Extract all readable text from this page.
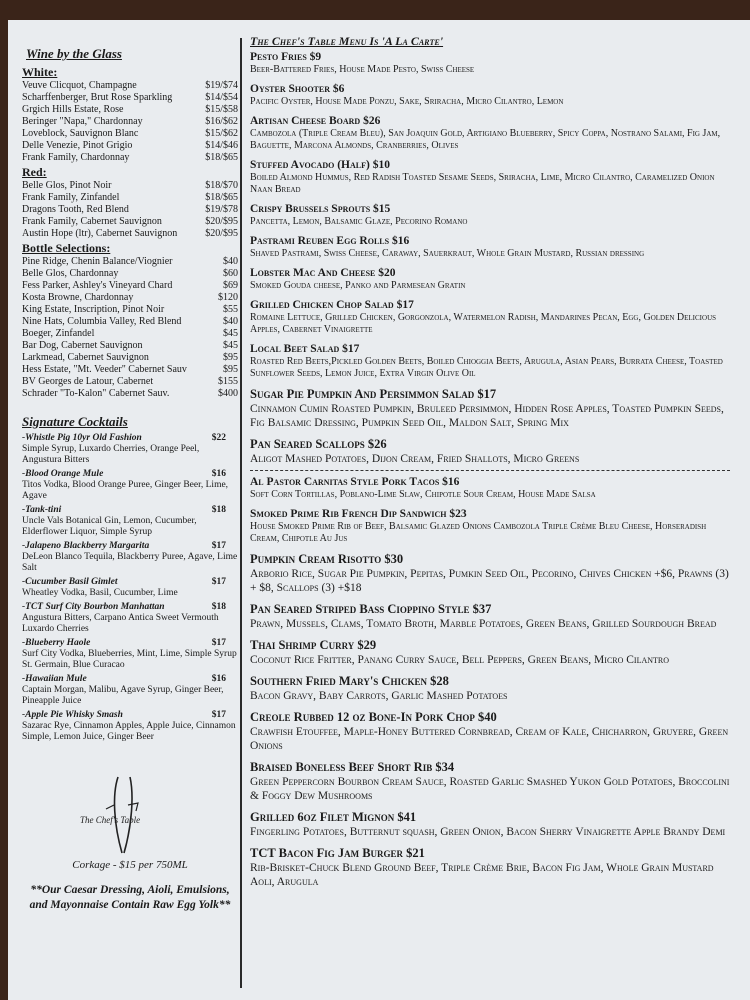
Wine by the Glass
White:
Veuve Clicquot, Champagne	$19/$74
Scharffenberger, Brut Rose Sparkling	$14/$54
Grgich Hills Estate, Rose	$15/$58
Beringer "Napa," Chardonnay	$16/$62
Loveblock, Sauvignon Blanc	$15/$62
Delle Venezie, Pinot Grigio	$14/$46
Frank Family, Chardonnay	$18/$65
Red:
Belle Glos, Pinot Noir	$18/$70
Frank Family, Zinfandel	$18/$65
Dragons Tooth, Red Blend	$19/$78
Frank Family, Cabernet Sauvignon	$20/$95
Austin Hope (ltr), Cabernet Sauvignon	$20/$95
Bottle Selections:
Pine Ridge, Chenin Balance/Viognier	$40
Belle Glos, Chardonnay	$60
Fess Parker, Ashley's Vineyard Chard	$69
Kosta Browne, Chardonnay	$120
King Estate, Inscription, Pinot Noir	$55
Nine Hats, Columbia Valley, Red Blend	$40
Boeger, Zinfandel	$45
Bar Dog, Cabernet Sauvignon	$45
Larkmead, Cabernet Sauvignon	$95
Hess Estate, "Mt. Veeder" Cabernet Sauv	$95
BV Georges de Latour, Cabernet	$155
Schrader "To-Kalon" Cabernet Sauv.	$400
Signature Cocktails
-Whistle Pig 10yr Old Fashion	$22
Simple Syrup, Luxardo Cherries, Orange Peel, Angustura Bitters
-Blood Orange Mule	$16
Titos Vodka, Blood Orange Puree, Ginger Beer, Lime, Agave
-Tank-tini	$18
Uncle Vals Botanical Gin, Lemon, Cucumber, Elderflower Liquor, Simple Syrup
-Jalapeno Blackberry Margarita	$17
DeLeon Blanco Tequila, Blackberry Puree, Agave, Lime Salt
-Cucumber Basil Gimlet	$17
Wheatley Vodka, Basil, Cucumber, Lime
-TCT Surf City Bourbon Manhattan	$18
Angustura Bitters, Carpano Antica Sweet Vermouth Luxardo Cherries
-Blueberry Haole	$17
Surf City Vodka, Blueberries, Mint, Lime, Simple Syrup St. Germain, Blue Curacao
-Hawaiian Mule	$16
Captain Morgan, Malibu, Agave Syrup, Ginger Beer, Pineapple Juice
-Apple Pie Whisky Smash	$17
Sazarac Rye, Cinnamon Apples, Apple Juice, Cinnamon Simple, Lemon Juice, Ginger Beer
The Chef's Table
Corkage - $15 per 750ML
**Our Caesar Dressing, Aioli, Emulsions, and Mayonnaise Contain Raw Egg Yolk**
The Chef's Table Menu Is 'A La Carte'
Pesto Fries $9
Beer-Battered Fries, House Made Pesto, Swiss Cheese
Oyster Shooter $6
Pacific Oyster, House Made Ponzu, Sake, Sriracha, Micro Cilantro, Lemon
Artisan Cheese Board $26
Cambozola (Triple Cream Bleu), San Joaquin Gold, Artigiano Blueberry, Spicy Coppa, Nostrano Salami, Fig Jam, Baguette, Marcona Almonds, Cranberries, Olives
Stuffed Avocado (Half) $10
Boiled Almond Hummus, Red Radish Toasted Sesame Seeds, Sriracha, Lime, Micro Cilantro, Caramelized Onion Naan Bread
Crispy Brussels Sprouts $15
Pancetta, Lemon, Balsamic Glaze, Pecorino Romano
Pastrami Reuben Egg Rolls $16
Shaved Pastrami, Swiss Cheese, Caraway, Sauerkraut, Whole Grain Mustard, Russian dressing
Lobster Mac And Cheese $20
Smoked Gouda cheese, Panko and Parmesean Gratin
Grilled Chicken Chop Salad $17
Romaine Lettuce, Grilled Chicken, Gorgonzola, Watermelon Radish, Mandarines Pecan, Egg, Golden Delicious Apples, Cabernet Vinaigrette
Local Beet Salad $17
Roasted Red Beets,Pickled Golden Beets, Boiled Chioggia Beets, Arugula, Asian Pears, Burrata Cheese, Toasted Sunflower Seeds, Lemon Juice, Extra Virgin Olive Oil
Sugar Pie Pumpkin And Persimmon Salad $17
Cinnamon Cumin Roasted Pumpkin, Bruleed Persimmon, Hidden Rose Apples, Toasted Pumpkin Seeds, Fig Balsamic Dressing, Pumpkin Seed Oil, Maldon Salt, Spring Mix
Pan Seared Scallops $26
Aligot Mashed Potatoes, Dijon Cream, Fried Shallots, Micro Greens
Al Pastor Carnitas Style Pork Tacos $16
Soft Corn Tortillas, Poblano-Lime Slaw, Chipotle Sour Cream, House Made Salsa
Smoked Prime Rib French Dip Sandwich $23
House Smoked Prime Rib of Beef, Balsamic Glazed Onions Cambozola Triple Crème Bleu Cheese, Horseradish Cream, Chipotle Au Jus
Pumpkin Cream Risotto $30
Arborio Rice, Sugar Pie Pumpkin, Pepitas, Pumkin Seed Oil, Pecorino, Chives Chicken +$6, Prawns (3) + $8, Scallops (3) +$18
Pan Seared Striped Bass Cioppino Style $37
Prawn, Mussels, Clams, Tomato Broth, Marble Potatoes, Green Beans, Grilled Sourdough Bread
Thai Shrimp Curry $29
Coconut Rice Fritter, Panang Curry Sauce, Bell Peppers, Green Beans, Micro Cilantro
Southern Fried Mary's Chicken $28
Bacon Gravy, Baby Carrots, Garlic Mashed Potatoes
Creole Rubbed 12 oz Bone-In Pork Chop $40
Crawfish Etouffee, Maple-Honey Buttered Cornbread, Cream of Kale, Chicharron, Gruyere, Green Onions
Braised Boneless Beef Short Rib $34
Green Peppercorn Bourbon Cream Sauce, Roasted Garlic Smashed Yukon Gold Potatoes, Broccolini & Foggy Dew Mushrooms
Grilled 6oz Filet Mignon $41
Fingerling Potatoes, Butternut squash, Green Onion, Bacon Sherry Vinaigrette Apple Brandy Demi
TCT Bacon Fig Jam Burger $21
Rib-Brisket-Chuck Blend Ground Beef, Triple Crème Brie, Bacon Fig Jam, Whole Grain Mustard Aoli, Arugula
